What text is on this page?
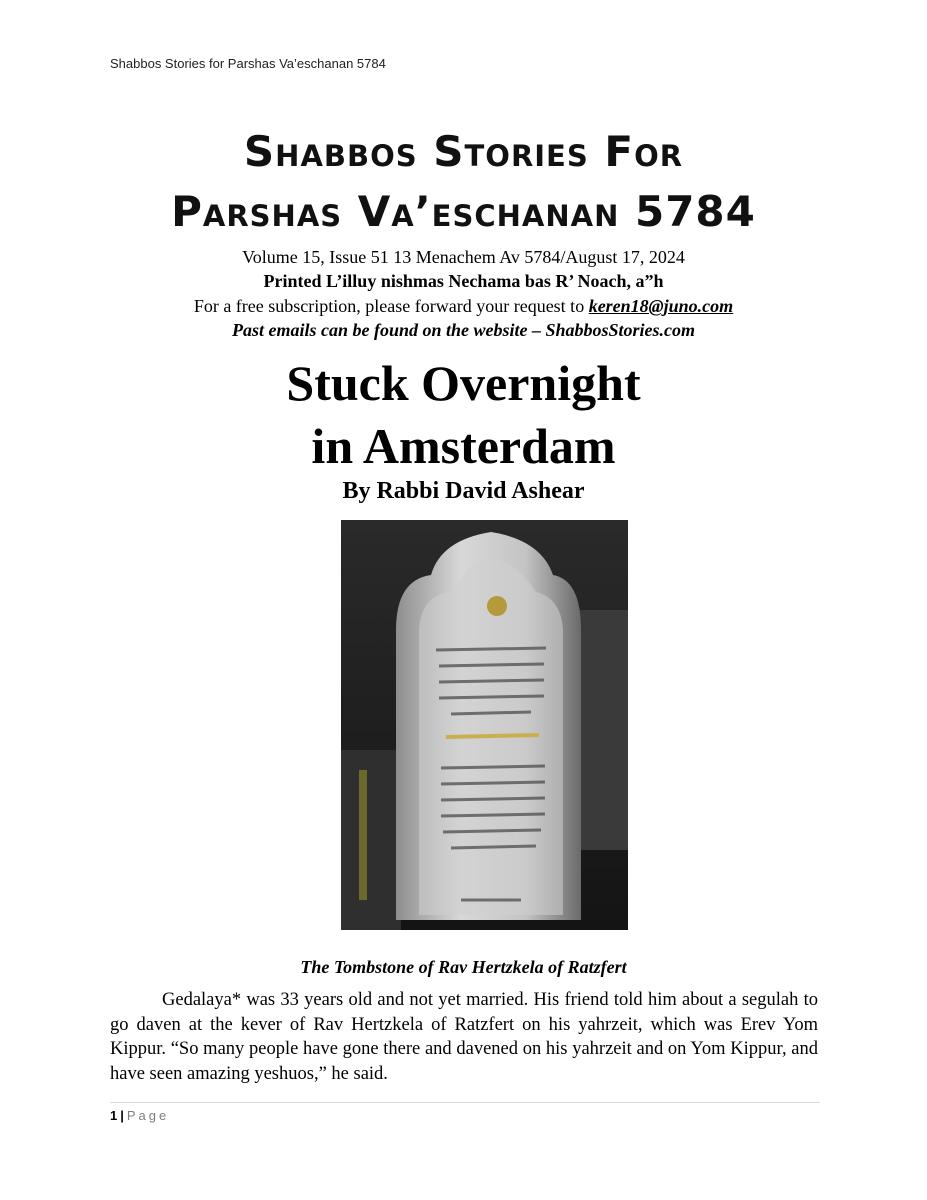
Shabbos Stories for Parshas Va’eschanan 5784
Shabbos Stories For
Parshas Va’eschanan 5784
Volume 15, Issue 51 13 Menachem Av 5784/August 17, 2024
Printed L’illuy nishmas Nechama bas R’ Noach, a”h
For a free subscription, please forward your request to keren18@juno.com
Past emails can be found on the website – ShabbosStories.com
Stuck Overnight
in Amsterdam
By Rabbi David Ashear
The Tombstone of Rav Hertzkela of Ratzfert

Gedalaya* was 33 years old and not yet married. His friend told him about a segulah to go daven at the kever of Rav Hertzkela of Ratzfert on his yahrzeit, which was Erev Yom Kippur. “So many people have gone there and davened on his yahrzeit and on Yom Kippur, and have seen amazing yeshuos,” he said.

1 | Page
